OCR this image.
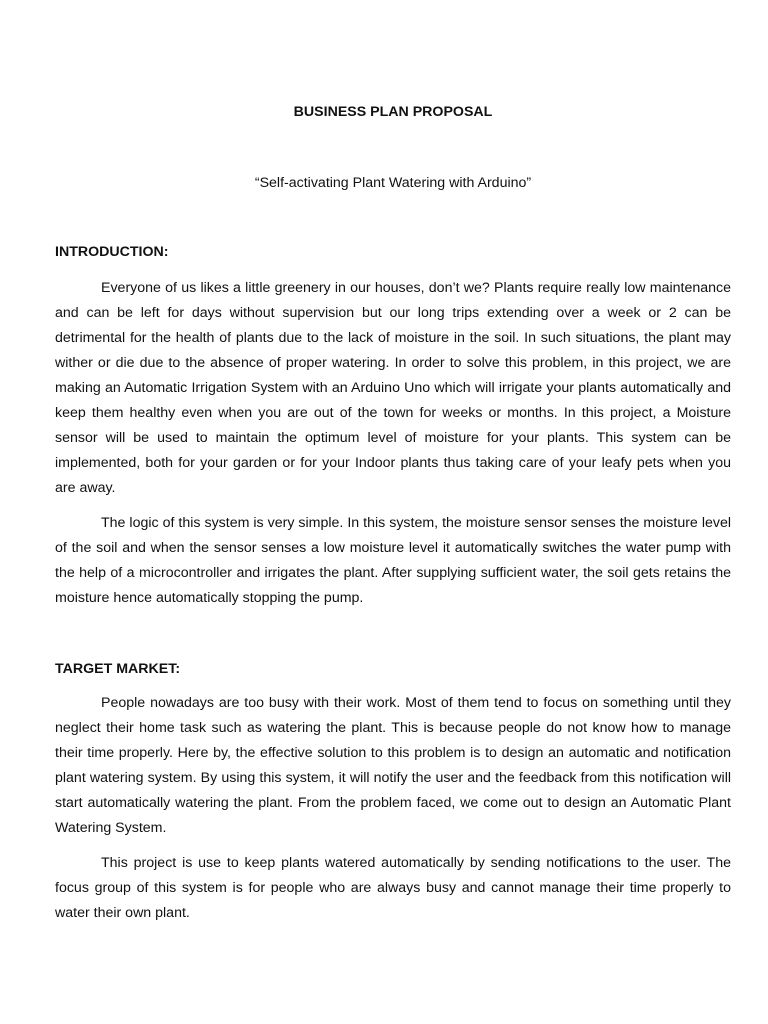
BUSINESS PLAN PROPOSAL

“Self-activating Plant Watering with Arduino”

INTRODUCTION:

Everyone of us likes a little greenery in our houses, don’t we? Plants require really low maintenance and can be left for days without supervision but our long trips extending over a week or 2 can be detrimental for the health of plants due to the lack of moisture in the soil. In such situations, the plant may wither or die due to the absence of proper watering. In order to solve this problem, in this project, we are making an Automatic Irrigation System with an Arduino Uno which will irrigate your plants automatically and keep them healthy even when you are out of the town for weeks or months. In this project, a Moisture sensor will be used to maintain the optimum level of moisture for your plants. This system can be implemented, both for your garden or for your Indoor plants thus taking care of your leafy pets when you are away.

The logic of this system is very simple. In this system, the moisture sensor senses the moisture level of the soil and when the sensor senses a low moisture level it automatically switches the water pump with the help of a microcontroller and irrigates the plant. After supplying sufficient water, the soil gets retains the moisture hence automatically stopping the pump.

TARGET MARKET:

People nowadays are too busy with their work. Most of them tend to focus on something until they neglect their home task such as watering the plant. This is because people do not know how to manage their time properly. Here by, the effective solution to this problem is to design an automatic and notification plant watering system. By using this system, it will notify the user and the feedback from this notification will start automatically watering the plant. From the problem faced, we come out to design an Automatic Plant Watering System.

This project is use to keep plants watered automatically by sending notifications to the user. The focus group of this system is for people who are always busy and cannot manage their time properly to water their own plant.
